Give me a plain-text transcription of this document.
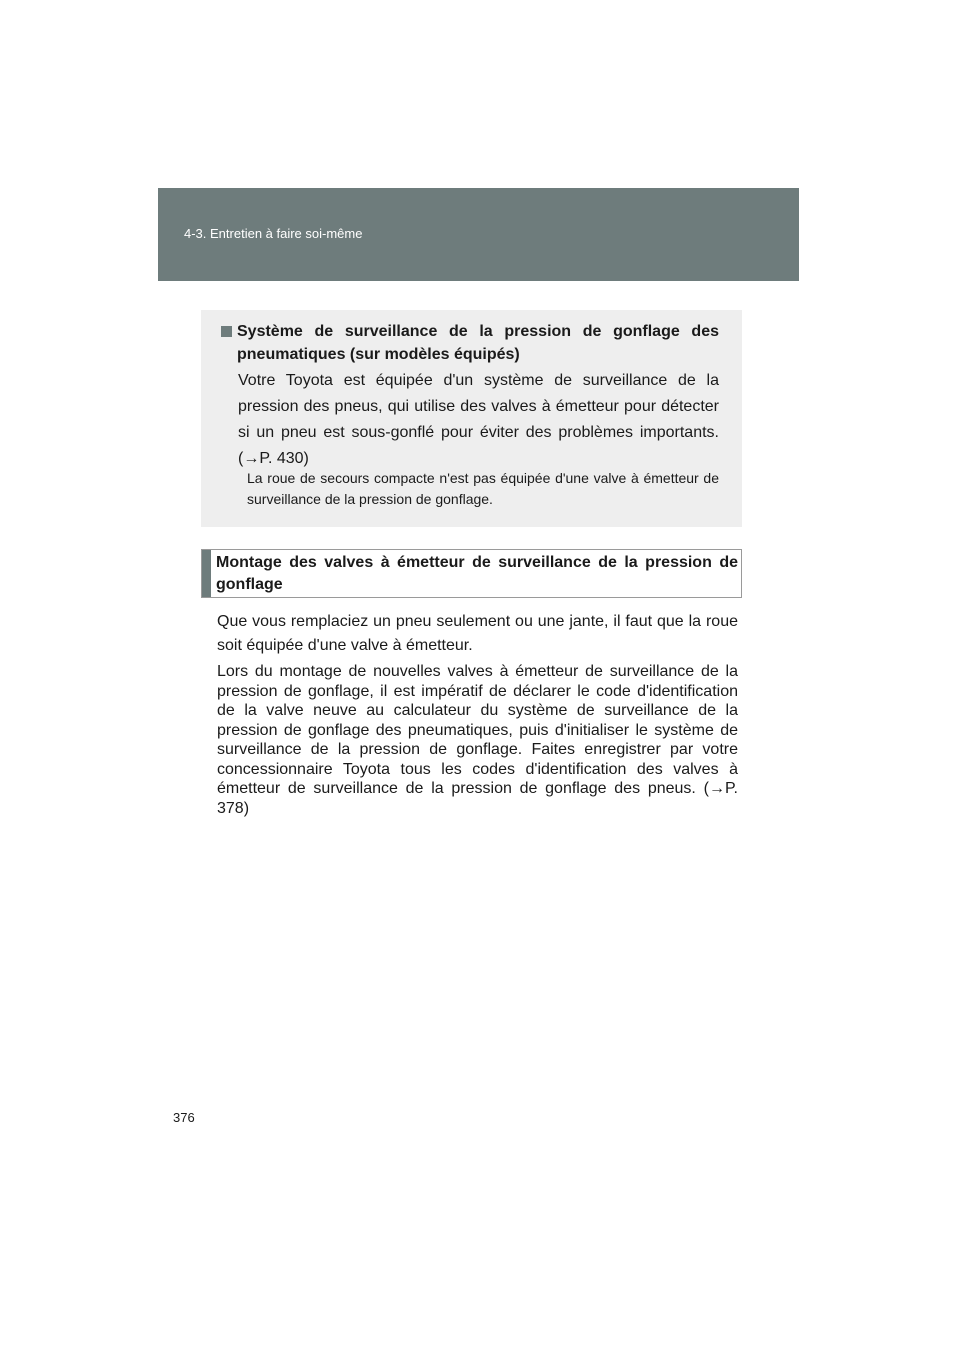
4-3. Entretien à faire soi-même
Système de surveillance de la pression de gonflage des pneumatiques (sur modèles équipés)
Votre Toyota est équipée d'un système de surveillance de la pression des pneus, qui utilise des valves à émetteur pour détecter si un pneu est sous-gonflé pour éviter des problèmes importants. (→P. 430)
La roue de secours compacte n'est pas équipée d'une valve à émetteur de surveillance de la pression de gonflage.
Montage des valves à émetteur de surveillance de la pression de gonflage
Que vous remplaciez un pneu seulement ou une jante, il faut que la roue soit équipée d'une valve à émetteur.
Lors du montage de nouvelles valves à émetteur de surveillance de la pression de gonflage, il est impératif de déclarer le code d'identification de la valve neuve au calculateur du système de surveillance de la pression de gonflage des pneumatiques, puis d'initialiser le système de surveillance de la pression de gonflage. Faites enregistrer par votre concessionnaire Toyota tous les codes d'identification des valves à émetteur de surveillance de la pression de gonflage des pneus. (→P. 378)
376
